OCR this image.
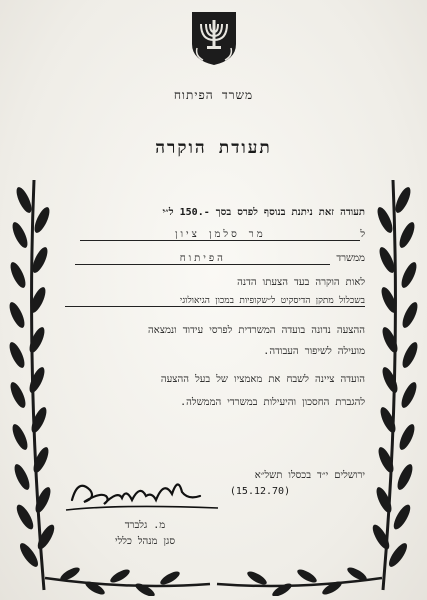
משרד הפיתוח
תעודת הוקרה
תעודה זאת ניתנת בנוסף לפרס בסך -.150 ל״י
למר סלמן ציון
ממשרד הפיתוח
לאות הוקרה בעד הצעתו הדנה
בשכלול מתקן הדיסקיט ל״שקופיות במכון הגיאולוגי
ההצעה נדונה בועדה המשרדית לפרסי עידוד ונמצאה
מועילה לשיפור העבודה.
הועדה ציינה לשבח את מאמציו של בעל ההצעה
להגברת החסכון והיעילות במשרדי הממשלה.
ירושלים י״ד בכסלו תשל״א
(15.12.70)
מ. גלברד
סגן מנהל כללי
